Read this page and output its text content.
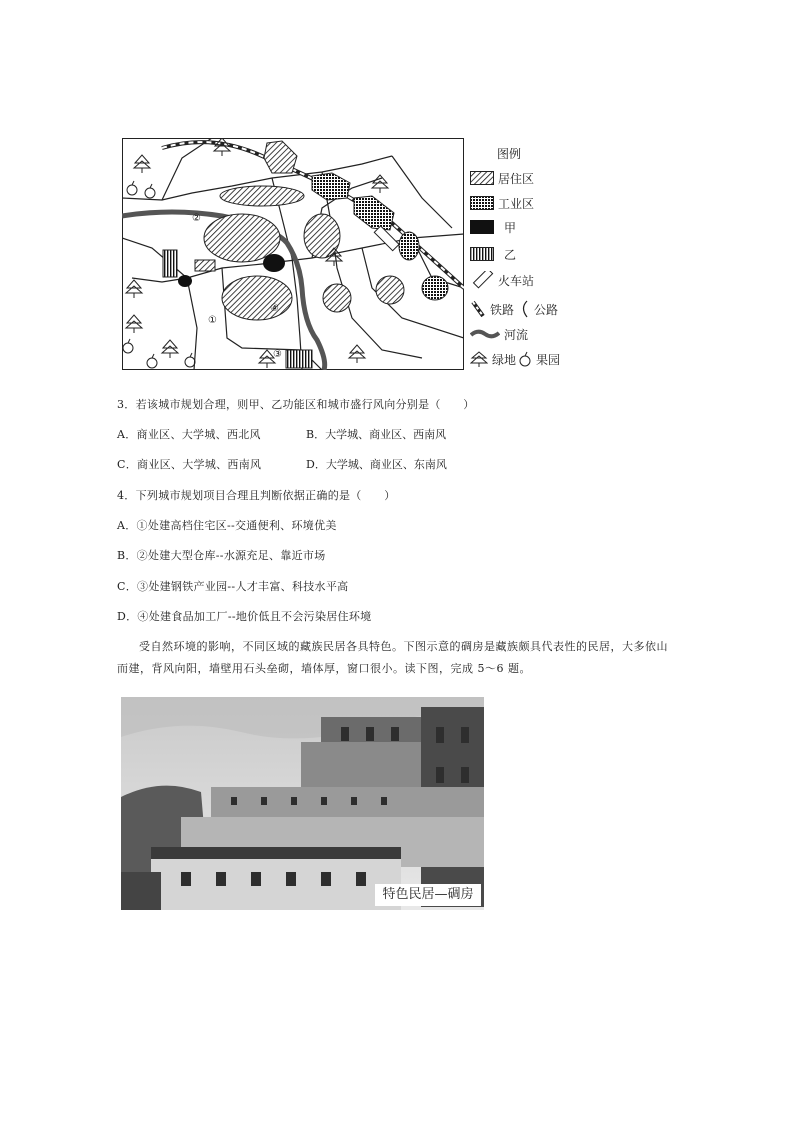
②
①
④
③
图例
居住区
工业区
甲
乙
火车站
铁路 公路
河流
绿地 果园
3．若该城市规划合理，则甲、乙功能区和城市盛行风向分别是（　　）
A．商业区、大学城、西北风	B．大学城、商业区、西南风
C．商业区、大学城、西南风	D．大学城、商业区、东南风
4．下列城市规划项目合理且判断依据正确的是（　　）
A．①处建高档住宅区--交通便利、环境优美
B．②处建大型仓库--水源充足、靠近市场
C．③处建钢铁产业园--人才丰富、科技水平高
D．④处建食品加工厂--地价低且不会污染居住环境
受自然环境的影响，不同区域的藏族民居各具特色。下图示意的碉房是藏族颇具代表性的民居，大多依山
而建，背风向阳，墙壁用石头垒砌，墙体厚，窗口很小。读下图，完成 5～6 题。
特色民居—碉房
